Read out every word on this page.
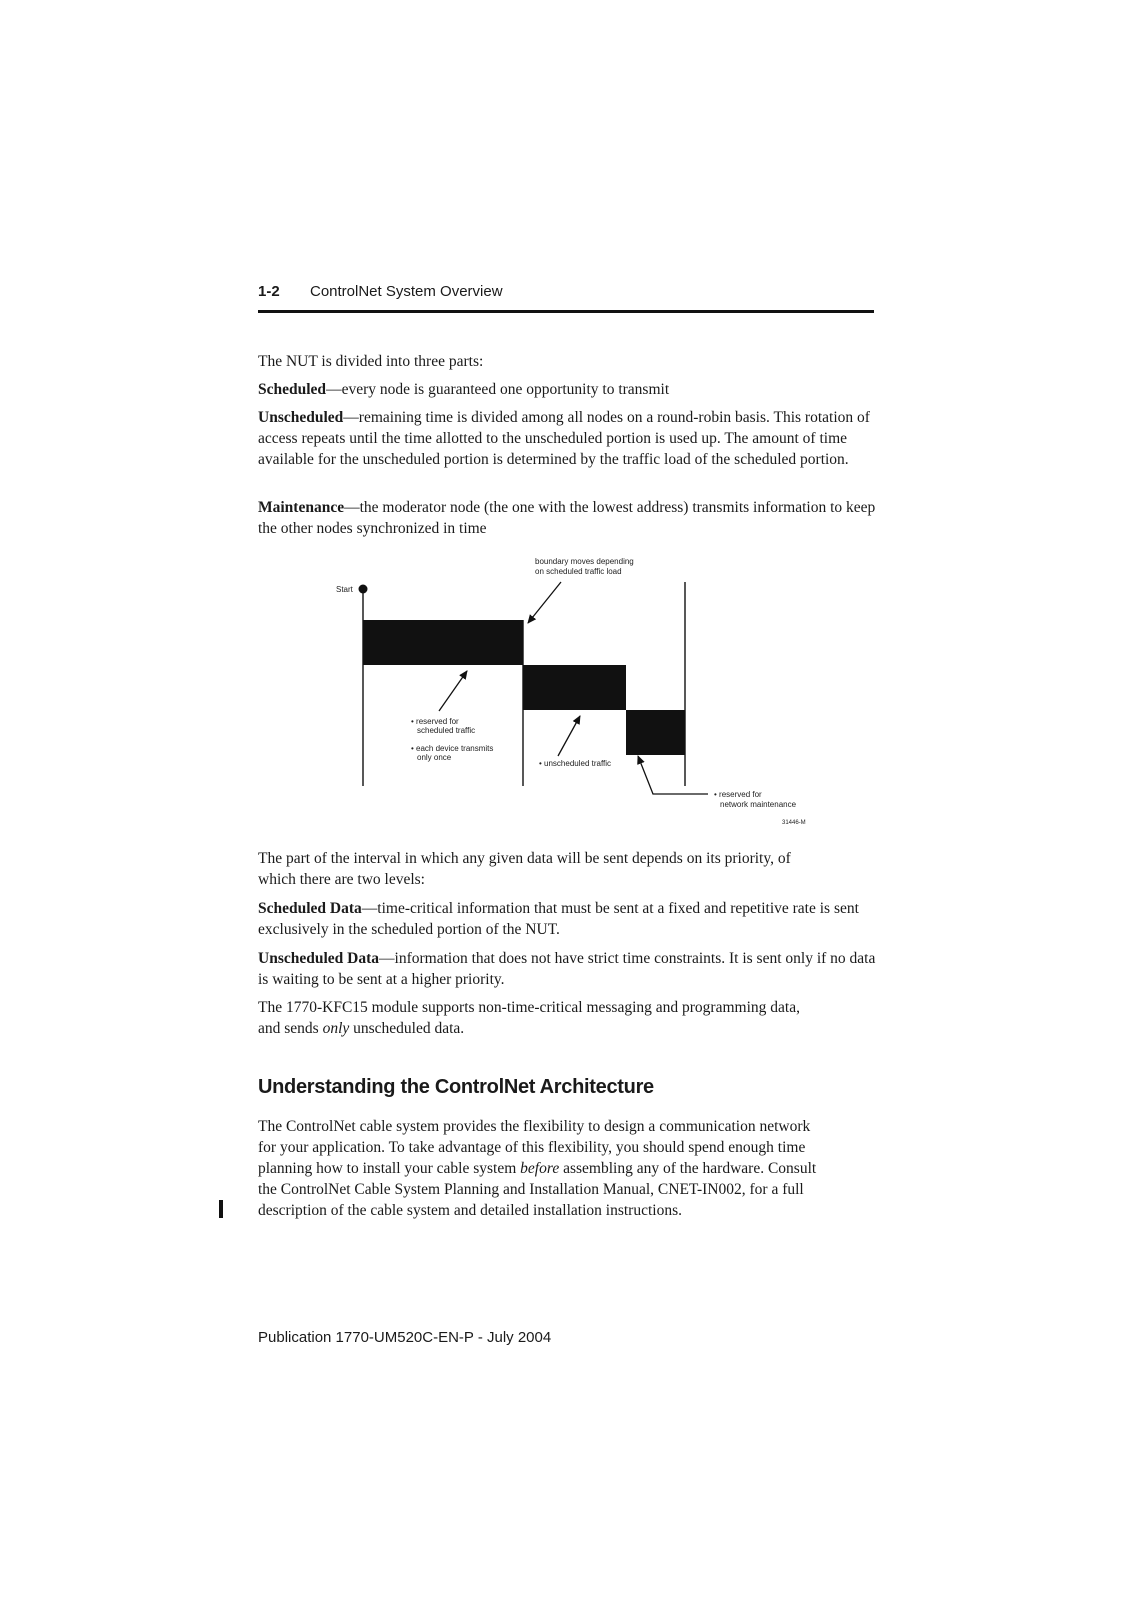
1-2 ControlNet System Overview
The NUT is divided into three parts:
Scheduled—every node is guaranteed one opportunity to transmit
Unscheduled—remaining time is divided among all nodes on a round-robin basis. This rotation of access repeats until the time allotted to the unscheduled portion is used up. The amount of time available for the unscheduled portion is determined by the traffic load of the scheduled portion.
Maintenance—the moderator node (the one with the lowest address) transmits information to keep the other nodes synchronized in time
Start
boundary moves depending
on scheduled traffic load
• reserved for
scheduled traffic
• each device transmits
only once
• unscheduled traffic
• reserved for
network maintenance
31446-M
The part of the interval in which any given data will be sent depends on its priority, of which there are two levels:
Scheduled Data—time-critical information that must be sent at a fixed and repetitive rate is sent exclusively in the scheduled portion of the NUT.
Unscheduled Data—information that does not have strict time constraints. It is sent only if no data is waiting to be sent at a higher priority.
The 1770-KFC15 module supports non-time-critical messaging and programming data, and sends only unscheduled data.
Understanding the ControlNet Architecture
The ControlNet cable system provides the flexibility to design a communication network for your application. To take advantage of this flexibility, you should spend enough time planning how to install your cable system before assembling any of the hardware. Consult the ControlNet Cable System Planning and Installation Manual, CNET-IN002, for a full description of the cable system and detailed installation instructions.
Publication 1770-UM520C-EN-P - July 2004
